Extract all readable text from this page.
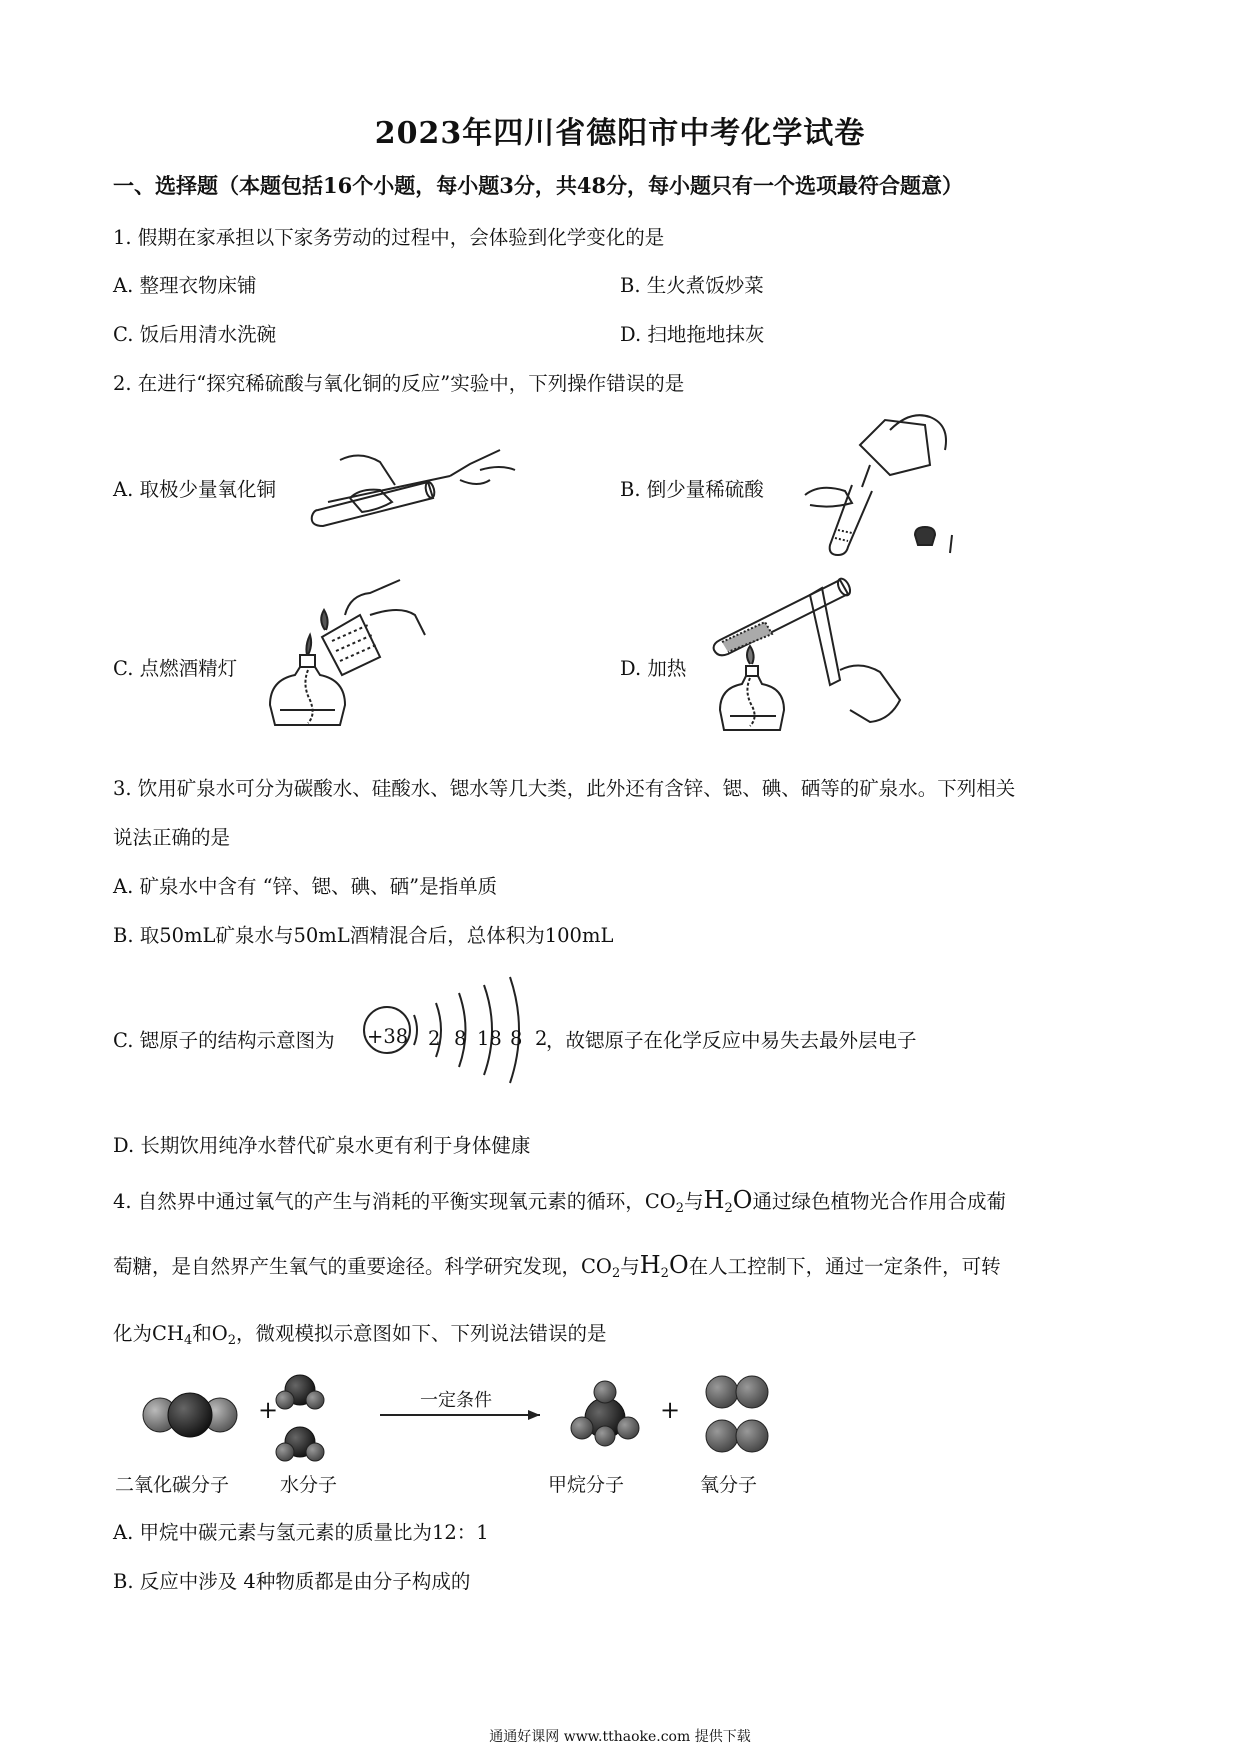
2023年四川省德阳市中考化学试卷
一、选择题（本题包括16个小题，每小题3分，共48分，每小题只有一个选项最符合题意）
1. 假期在家承担以下家务劳动的过程中，会体验到化学变化的是
A. 整理衣物床铺	B. 生火煮饭炒菜
C. 饭后用清水洗碗	D. 扫地拖地抹灰
2. 在进行“探究稀硫酸与氧化铜的反应”实验中，下列操作错误的是
A. 取极少量氧化铜	B. 倒少量稀硫酸
C. 点燃酒精灯	D. 加热
3. 饮用矿泉水可分为碳酸水、硅酸水、锶水等几大类，此外还有含锌、锶、碘、硒等的矿泉水。下列相关
说法正确的是
A. 矿泉水中含有 “锌、锶、碘、硒”是指单质
B. 取50mL矿泉水与50mL酒精混合后，总体积为100mL
C. 锶原子的结构示意图为 +38 2 8 18 8 2
，故锶原子在化学反应中易失去最外层电子
D. 长期饮用纯净水替代矿泉水更有利于身体健康
4. 自然界中通过氧气的产生与消耗的平衡实现氧元素的循环，$CO_2$与$H_2O$通过绿色植物光合作用合成葡
萄糖，是自然界产生氧气的重要途径。科学研究发现，$CO_2$与$H_2O$在人工控制下，通过一定条件，可转
化为$CH_4$和$O_2$，微观模拟示意图如下、下列说法错误的是
+	+
一定条件
二氧化碳分子	水分子	甲烷分子	氧分子
A. 甲烷中碳元素与氢元素的质量比为12：1
B. 反应中涉及 4种物质都是由分子构成的
通通好课网 www.tthaoke.com 提供下载
